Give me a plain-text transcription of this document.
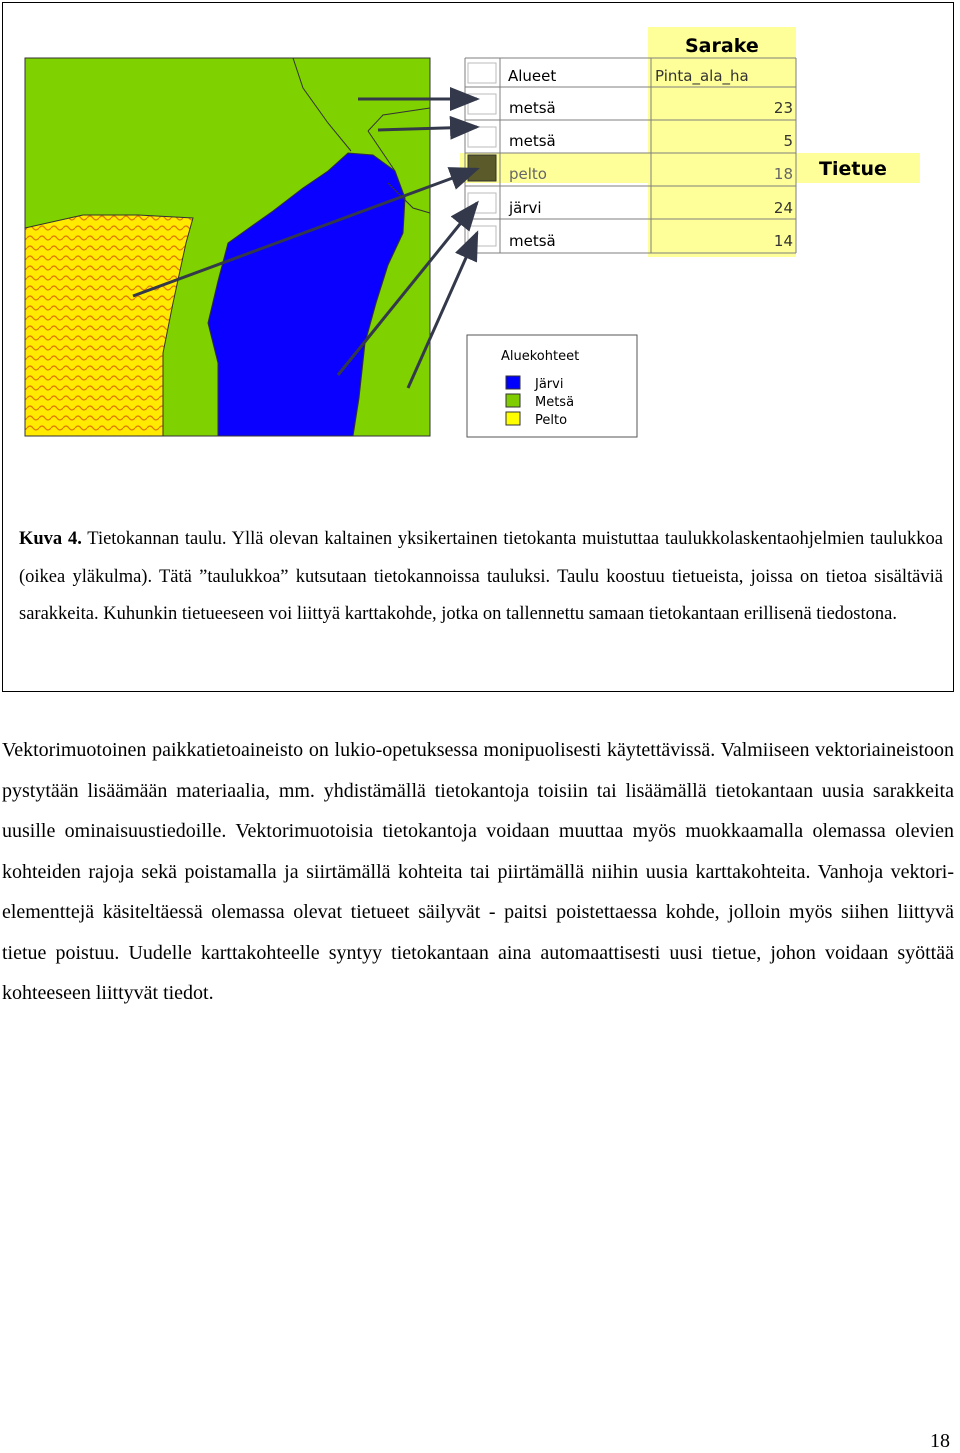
Sarake
Alueet	Pinta_ala_ha
metsä	23
metsä	5
pelto	18
järvi	24
metsä	14
Tietue
Aluekohteet
Järvi
Metsä
Pelto
Kuva 4. Tietokannan taulu. Yllä olevan kaltainen yksikertainen tietokanta muistuttaa taulukkolaskentaohjelmien taulukkoa (oikea yläkulma). Tätä ”taulukkoa” kutsutaan tietokannoissa tauluksi. Taulu koostuu tietueista, joissa on tietoa sisältäviä sarakkeita. Kuhunkin tietueeseen voi liittyä karttakohde, jotka on tallennettu samaan tietokantaan erillisenä tiedostona.
Vektorimuotoinen paikkatietoaineisto on lukio-opetuksessa monipuolisesti käytettävissä. Valmiiseen vektoriaineistoon pystytään lisäämään materiaalia, mm. yhdistämällä tietokantoja toisiin tai lisäämällä tietokantaan uusia sarakkeita uusille ominaisuustiedoille. Vektorimuotoisia tietokantoja voidaan muuttaa myös muokkaamalla olemassa olevien kohteiden rajoja sekä poistamalla ja siirtämällä kohteita tai piirtämällä niihin uusia karttakohteita. Vanhoja vektori-elementtejä käsiteltäessä olemassa olevat tietueet säilyvät - paitsi poistettaessa kohde, jolloin myös siihen liittyvä tietue poistuu. Uudelle karttakohteelle syntyy tietokantaan aina automaattisesti uusi tietue, johon voidaan syöttää kohteeseen liittyvät tiedot.
18
